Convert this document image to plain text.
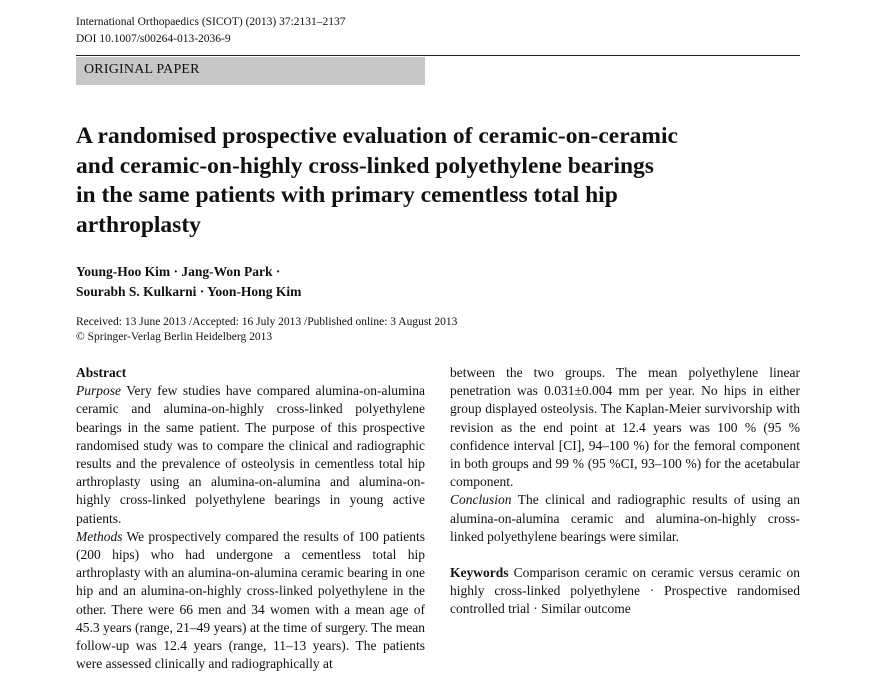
International Orthopaedics (SICOT) (2013) 37:2131–2137
DOI 10.1007/s00264-013-2036-9
ORIGINAL PAPER
A randomised prospective evaluation of ceramic-on-ceramic
and ceramic-on-highly cross-linked polyethylene bearings
in the same patients with primary cementless total hip
arthroplasty
Young-Hoo Kim · Jang-Won Park ·
Sourabh S. Kulkarni · Yoon-Hong Kim
Received: 13 June 2013 /Accepted: 16 July 2013 /Published online: 3 August 2013
© Springer-Verlag Berlin Heidelberg 2013

Abstract

Purpose Very few studies have compared alumina-on-alumina ceramic and alumina-on-highly cross-linked polyethylene bearings in the same patient. The purpose of this prospective randomised study was to compare the clinical and radiographic results and the prevalence of osteolysis in cementless total hip arthroplasty using an alumina-on-alumina and alumina-on-highly cross-linked polyethylene bearings in young active patients.

Methods We prospectively compared the results of 100 patients (200 hips) who had undergone a cementless total hip arthroplasty with an alumina-on-alumina ceramic bearing in one hip and an alumina-on-highly cross-linked polyethylene in the other. There were 66 men and 34 women with a mean age of 45.3 years (range, 21–49 years) at the time of surgery. The mean follow-up was 12.4 years (range, 11–13 years). The patients were assessed clinically and radiographically at

between the two groups. The mean polyethylene linear penetration was 0.031±0.004 mm per year. No hips in either group displayed osteolysis. The Kaplan-Meier survivorship with revision as the end point at 12.4 years was 100 % (95 % confidence interval [CI], 94–100 %) for the femoral component in both groups and 99 % (95 %CI, 93–100 %) for the acetabular component.

Conclusion The clinical and radiographic results of using an alumina-on-alumina ceramic and alumina-on-highly cross-linked polyethylene bearings were similar.

Keywords Comparison ceramic on ceramic versus ceramic on highly cross-linked polyethylene · Prospective randomised controlled trial · Similar outcome
